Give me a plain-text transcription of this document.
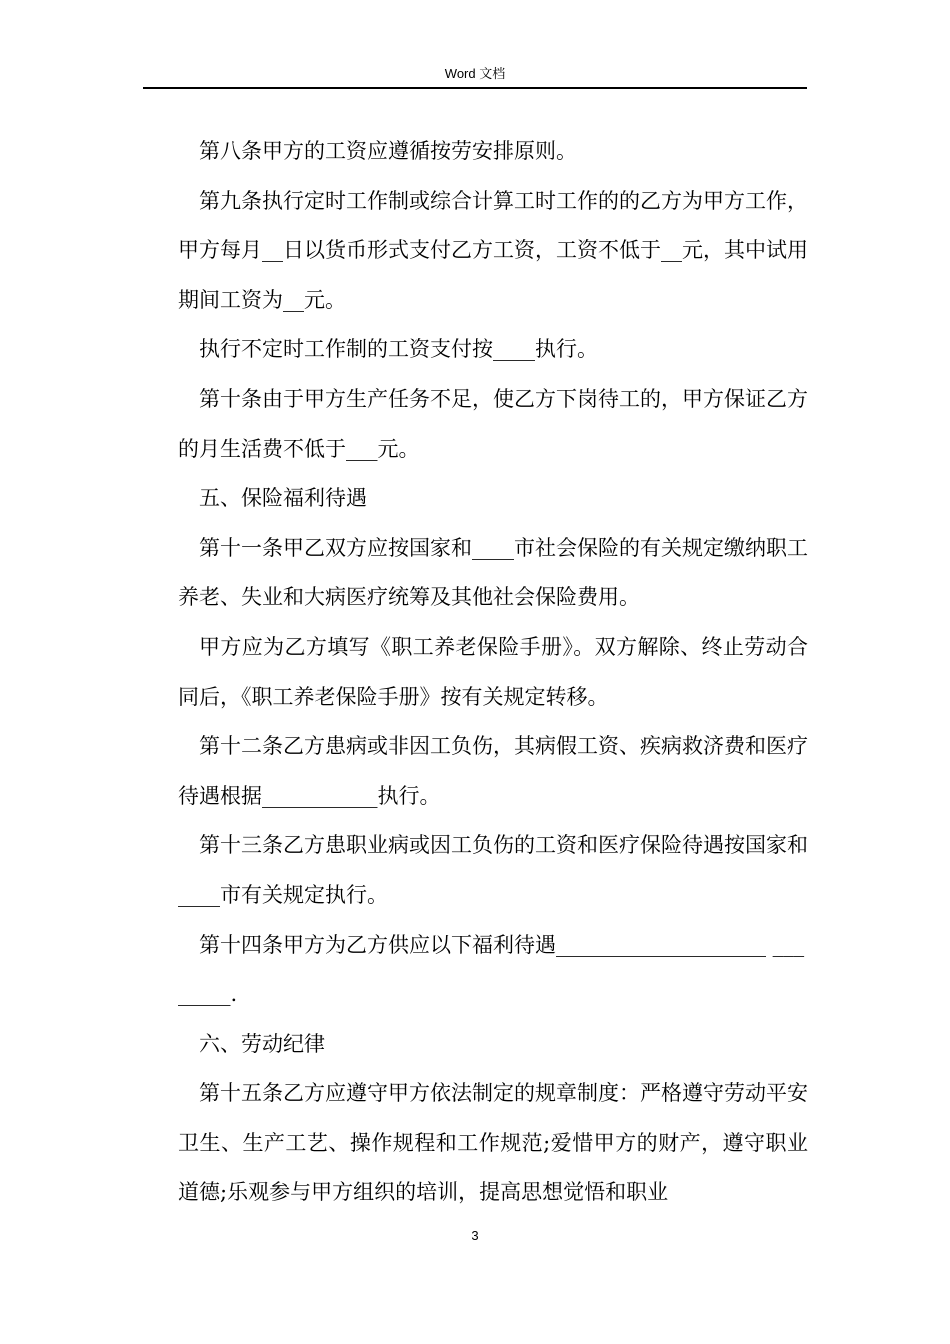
Word 文档

第八条甲方的工资应遵循按劳安排原则。

第九条执行定时工作制或综合计算工时工作的的乙方为甲方工作，甲方每月__日以货币形式支付乙方工资，工资不低于__元，其中试用期间工资为__元。

执行不定时工作制的工资支付按____执行。

第十条由于甲方生产任务不足，使乙方下岗待工的，甲方保证乙方的月生活费不低于___元。

五、保险福利待遇

第十一条甲乙双方应按国家和____市社会保险的有关规定缴纳职工养老、失业和大病医疗统筹及其他社会保险费用。

甲方应为乙方填写《职工养老保险手册》。双方解除、终止劳动合同后，《职工养老保险手册》按有关规定转移。

第十二条乙方患病或非因工负伤，其病假工资、疾病救济费和医疗待遇根据___________执行。

第十三条乙方患职业病或因工负伤的工资和医疗保险待遇按国家和____市有关规定执行。

第十四条甲方为乙方供应以下福利待遇____________________ ________.

六、劳动纪律

第十五条乙方应遵守甲方依法制定的规章制度：严格遵守劳动平安卫生、生产工艺、操作规程和工作规范;爱惜甲方的财产，遵守职业道德;乐观参与甲方组织的培训，提高思想觉悟和职业

3
